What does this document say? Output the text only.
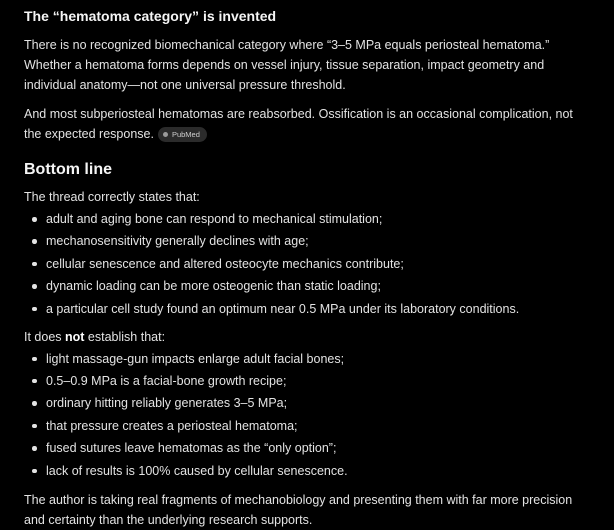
The “hematoma category” is invented

There is no recognized biomechanical category where “3–5 MPa equals periosteal hematoma.” Whether a hematoma forms depends on vessel injury, tissue separation, impact geometry and individual anatomy—not one universal pressure threshold.

And most subperiosteal hematomas are reabsorbed. Ossification is an occasional complication, not the expected response. PubMed

Bottom line

The thread correctly states that:

adult and aging bone can respond to mechanical stimulation;
mechanosensitivity generally declines with age;
cellular senescence and altered osteocyte mechanics contribute;
dynamic loading can be more osteogenic than static loading;
a particular cell study found an optimum near 0.5 MPa under its laboratory conditions.

It does not establish that:

light massage-gun impacts enlarge adult facial bones;
0.5–0.9 MPa is a facial-bone growth recipe;
ordinary hitting reliably generates 3–5 MPa;
that pressure creates a periosteal hematoma;
fused sutures leave hematomas as the “only option”;
lack of results is 100% caused by cellular senescence.

The author is taking real fragments of mechanobiology and presenting them with far more precision and certainty than the underlying research supports.
